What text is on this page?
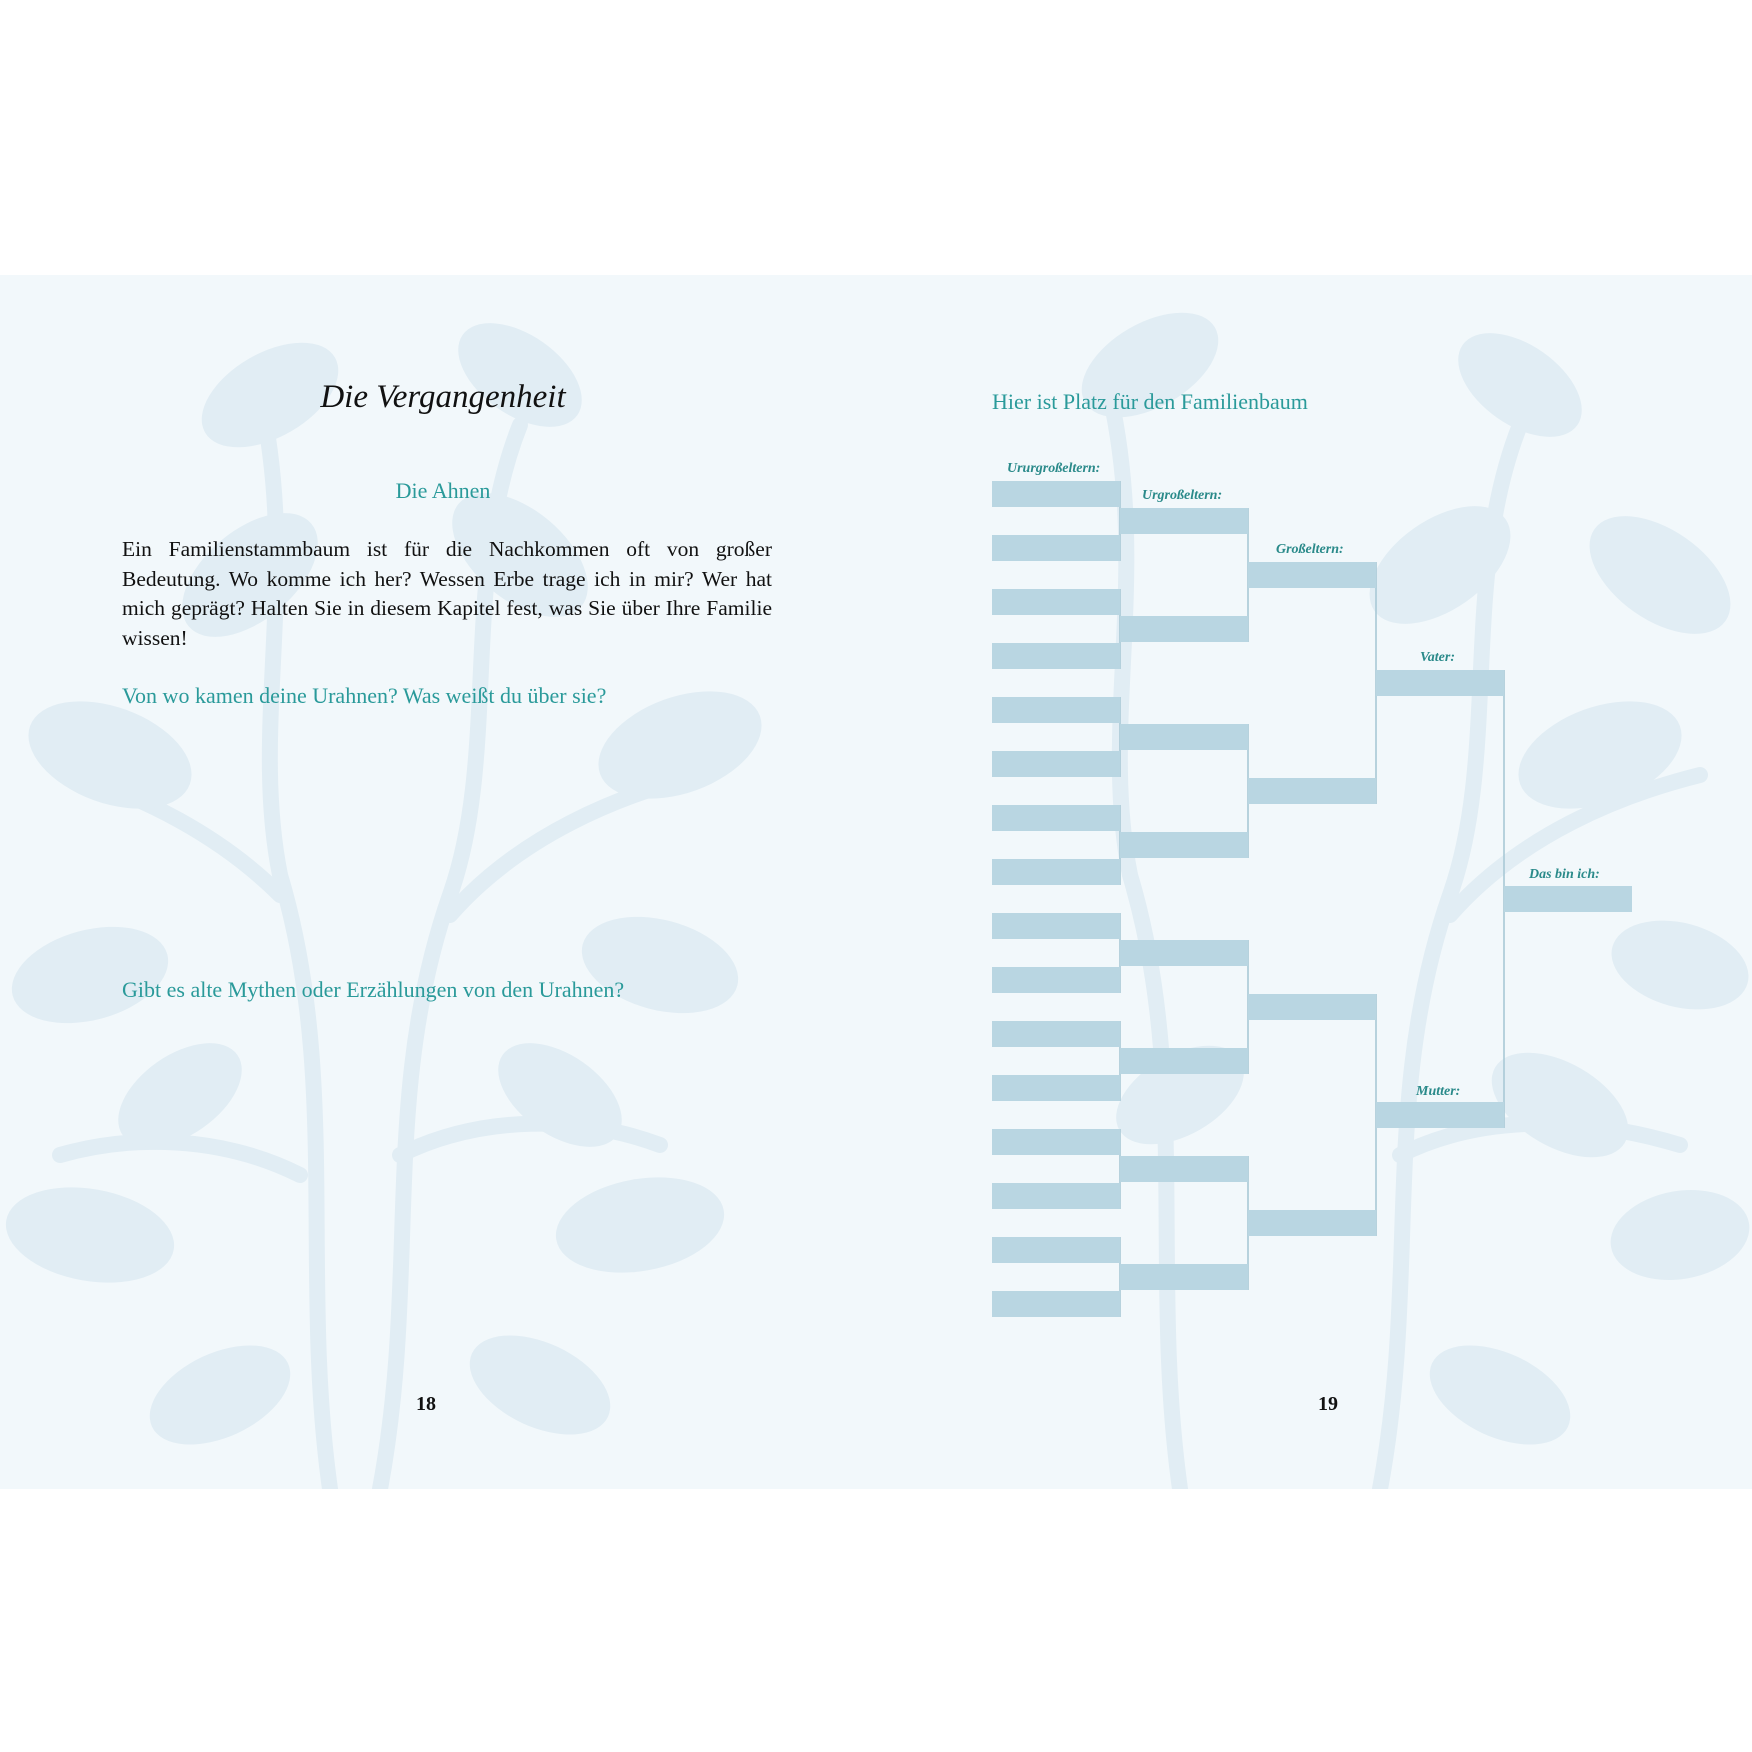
Die Vergangenheit
Die Ahnen
Ein Familienstammbaum ist für die Nachkommen oft von großer Bedeutung. Wo komme ich her? Wessen Erbe trage ich in mir? Wer hat mich geprägt? Halten Sie in diesem Kapitel fest, was Sie über Ihre Familie wissen!
Von wo kamen deine Urahnen? Was weißt du über sie?
Gibt es alte Mythen oder Erzählungen von den Urahnen?
18
Hier ist Platz für den Familienbaum
Ururgroßeltern:
Urgroßeltern:
Großeltern:
Vater:
Mutter:
Das bin ich:
19
